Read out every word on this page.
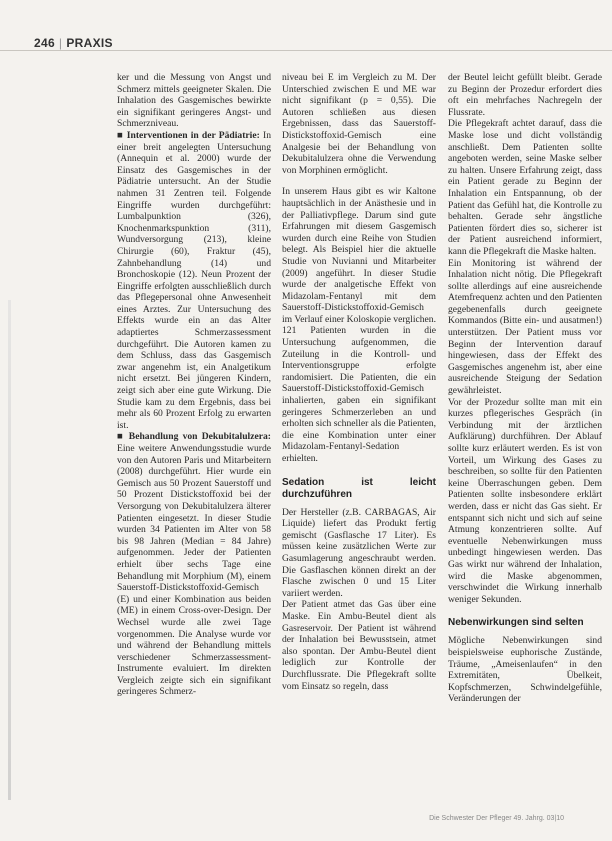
246 | PRAXIS

ker und die Messung von Angst und Schmerz mittels geeigneter Skalen. Die Inhalation des Gasgemisches bewirkte ein signifikant geringeres Angst- und Schmerzniveau.

■ Interventionen in der Pädiatrie: In einer breit angelegten Untersuchung (Annequin et al. 2000) wurde der Einsatz des Gasgemisches in der Pädiatrie untersucht. An der Studie nahmen 31 Zentren teil. Folgende Eingriffe wurden durchgeführt: Lumbalpunktion (326), Knochenmarkspunktion (311), Wundversorgung (213), kleine Chirurgie (60), Fraktur (45), Zahnbehandlung (14) und Bronchoskopie (12). Neun Prozent der Eingriffe erfolgten ausschließlich durch das Pflegepersonal ohne Anwesenheit eines Arztes. Zur Untersuchung des Effekts wurde ein an das Alter adaptiertes Schmerzassessment durchgeführt. Die Autoren kamen zu dem Schluss, dass das Gasgemisch zwar angenehm ist, ein Analgetikum nicht ersetzt. Bei jüngeren Kindern, zeigt sich aber eine gute Wirkung. Die Studie kam zu dem Ergebnis, dass bei mehr als 60 Prozent Erfolg zu erwarten ist.

■ Behandlung von Dekubitalulzera: Eine weitere Anwendungsstudie wurde von den Autoren Paris und Mitarbeitern (2008) durchgeführt. Hier wurde ein Gemisch aus 50 Prozent Sauerstoff und 50 Prozent Distickstoffoxid bei der Versorgung von Dekubitalulzera älterer Patienten eingesetzt. In dieser Studie wurden 34 Patienten im Alter von 58 bis 98 Jahren (Median = 84 Jahre) aufgenommen. Jeder der Patienten erhielt über sechs Tage eine Behandlung mit Morphium (M), einem Sauerstoff-Distickstoffoxid-Gemisch (E) und einer Kombination aus beiden (ME) in einem Cross-over-Design. Der Wechsel wurde alle zwei Tage vorgenommen. Die Analyse wurde vor und während der Behandlung mittels verschiedener Schmerzassessment-Instrumente evaluiert. Im direkten Vergleich zeigte sich ein signifikant geringeres Schmerz-

niveau bei E im Vergleich zu M. Der Unterschied zwischen E und ME war nicht signifikant (p = 0,55). Die Autoren schließen aus diesen Ergebnissen, dass das Sauerstoff-Distickstoffoxid-Gemisch eine Analgesie bei der Behandlung von Dekubitalulzera ohne die Verwendung von Morphinen ermöglicht.

In unserem Haus gibt es wir Kaltone hauptsächlich in der Anästhesie und in der Palliativpflege. Darum sind gute Erfahrungen mit diesem Gasgemisch wurden durch eine Reihe von Studien belegt. Als Beispiel hier die aktuelle Studie von Nuvianni und Mitarbeiter (2009) angeführt. In dieser Studie wurde der analgetische Effekt von Midazolam-Fentanyl mit dem Sauerstoff-Distickstoffoxid-Gemisch im Verlauf einer Koloskopie verglichen. 121 Patienten wurden in die Untersuchung aufgenommen, die Zuteilung in die Kontroll- und Interventionsgruppe erfolgte randomisiert. Die Patienten, die ein Sauerstoff-Distickstoffoxid-Gemisch inhalierten, gaben ein signifikant geringeres Schmerzerleben an und erholten sich schneller als die Patienten, die eine Kombination unter einer Midazolam-Fentanyl-Sedation erhielten.

Sedation ist leicht durchzuführen

Der Hersteller (z.B. CARBAGAS, Air Liquide) liefert das Produkt fertig gemischt (Gasflasche 17 Liter). Es müssen keine zusätzlichen Werte zur Gasumlagerung angeschraubt werden. Die Gasflaschen können direkt an der Flasche zwischen 0 und 15 Liter variiert werden.

Der Patient atmet das Gas über eine Maske. Ein Ambu-Beutel dient als Gasreservoir. Der Patient ist während der Inhalation bei Bewusstsein, atmet also spontan. Der Ambu-Beutel dient lediglich zur Kontrolle der Durchflussrate. Die Pflegekraft sollte vom Einsatz so regeln, dass

der Beutel leicht gefüllt bleibt. Gerade zu Beginn der Prozedur erfordert dies oft ein mehrfaches Nachregeln der Flussrate.

Die Pflegekraft achtet darauf, dass die Maske lose und dicht vollständig anschließt. Dem Patienten sollte angeboten werden, seine Maske selber zu halten. Unsere Erfahrung zeigt, dass ein Patient gerade zu Beginn der Inhalation ein Entspannung, ob der Patient das Gefühl hat, die Kontrolle zu behalten. Gerade sehr ängstliche Patienten fördert dies so, sicherer ist der Patient ausreichend informiert, kann die Pflegekraft die Maske halten.

Ein Monitoring ist während der Inhalation nicht nötig. Die Pflegekraft sollte allerdings auf eine ausreichende Atemfrequenz achten und den Patienten gegebenenfalls durch geeignete Kommandos (Bitte ein- und ausatmen!) unterstützen. Der Patient muss vor Beginn der Intervention darauf hingewiesen, dass der Effekt des Gasgemisches angenehm ist, aber eine ausreichende Steigung der Sedation gewährleistet.

Vor der Prozedur sollte man mit ein kurzes pflegerisches Gespräch (in Verbindung mit der ärztlichen Aufklärung) durchführen. Der Ablauf sollte kurz erläutert werden. Es ist von Vorteil, um Wirkung des Gases zu beschreiben, so sollte für den Patienten keine Überraschungen geben. Dem Patienten sollte insbesondere erklärt werden, dass er nicht das Gas sieht. Er entspannt sich nicht und sich auf seine Atmung konzentrieren sollte. Auf eventuelle Nebenwirkungen muss unbedingt hingewiesen werden. Das Gas wirkt nur während der Inhalation, wird die Maske abgenommen, verschwindet die Wirkung innerhalb weniger Sekunden.

Nebenwirkungen sind selten

Mögliche Nebenwirkungen sind beispielsweise euphorische Zustände, Träume, „Ameisenlaufen“ in den Extremitäten, Übelkeit, Kopfschmerzen, Schwindelgefühle, Veränderungen der

Die Schwester Der Pfleger 49. Jahrg. 03|10
